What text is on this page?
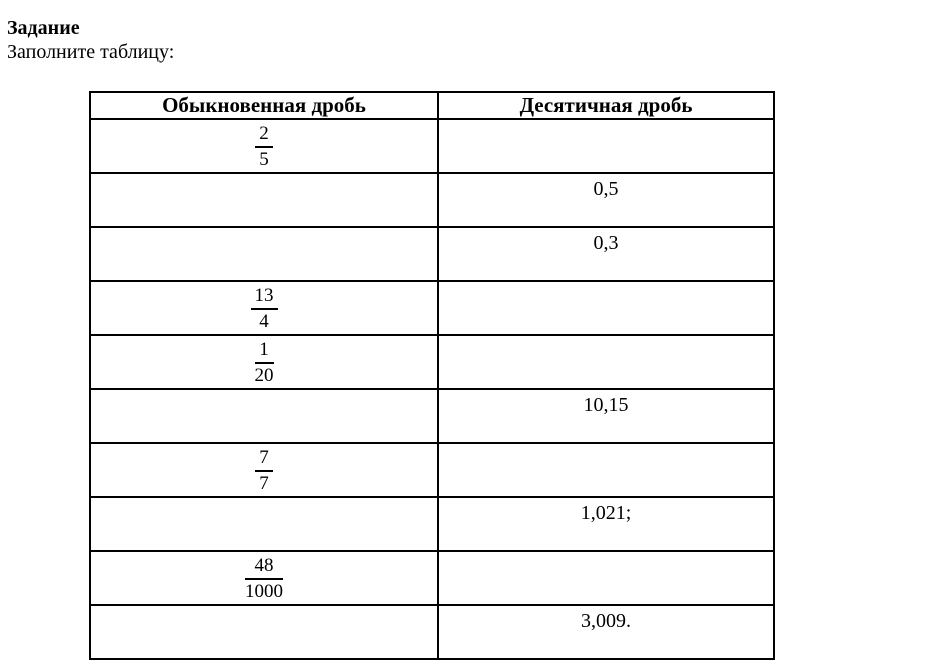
Задание
Заполните таблицу:
Обыкновенная дробь	Десятичная дробь

$\frac{2}{5}$

	0,5
	0,3

$\frac{13}{4}$

$\frac{1}{20}$

	10,15

$\frac{7}{7}$

	1,021;

$\frac{48}{1000}$

	3,009.
